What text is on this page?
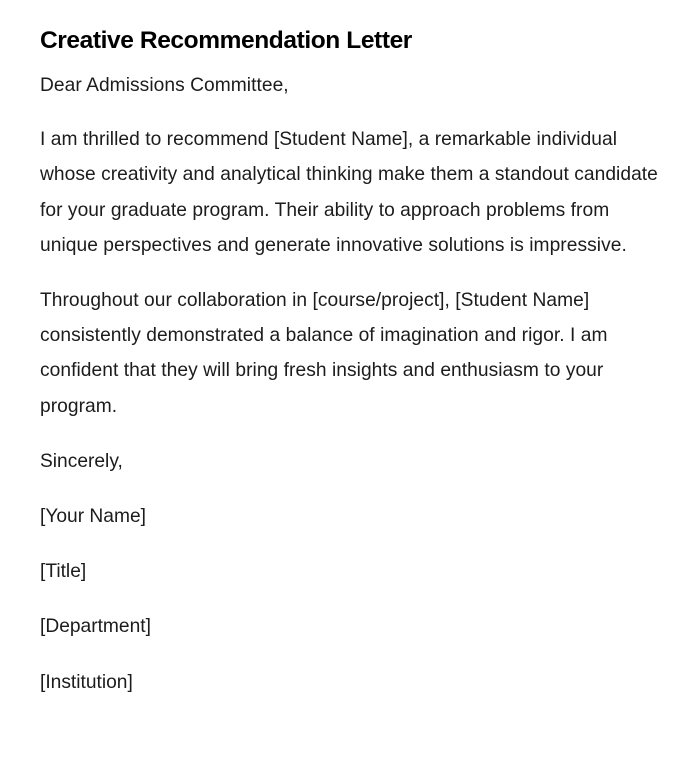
Creative Recommendation Letter

Dear Admissions Committee,

I am thrilled to recommend [Student Name], a remarkable individual whose creativity and analytical thinking make them a standout candidate for your graduate program. Their ability to approach problems from unique perspectives and generate innovative solutions is impressive.

Throughout our collaboration in [course/project], [Student Name] consistently demonstrated a balance of imagination and rigor. I am confident that they will bring fresh insights and enthusiasm to your program.

Sincerely,

[Your Name]

[Title]

[Department]

[Institution]
